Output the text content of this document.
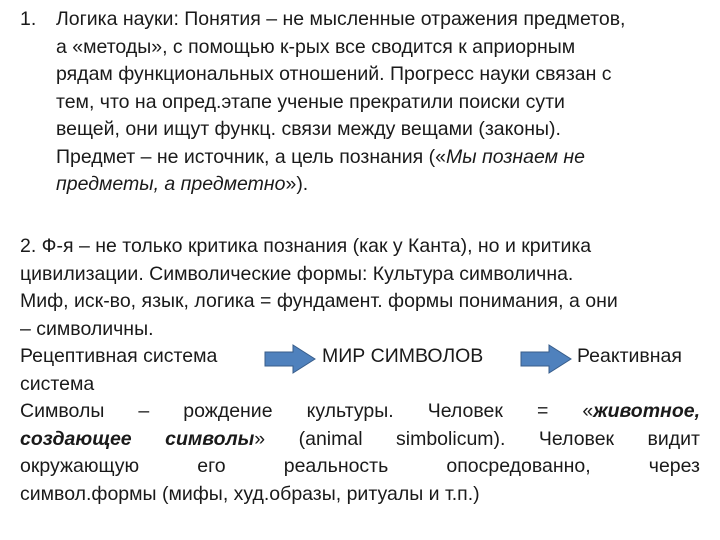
1. Логика науки: Понятия – не мысленные отражения предметов,
а «методы», с помощью к-рых все сводится к априорным
рядам функциональных отношений. Прогресс науки связан с
тем, что на опред.этапе ученые прекратили поиски сути
вещей, они ищут функц. связи между вещами (законы).
Предмет – не источник, а цель познания («Мы познаем не
предметы, а предметно»).
2. Ф-я – не только критика познания (как у Канта), но и критика
цивилизации. Символические формы: Культура символична.
Миф, иск-во, язык, логика = фундамент. формы понимания, а они
– символичны.
Рецептивная система	МИР СИМВОЛОВ	Реактивная
система
Символы – рождение культуры. Человек = «животное,
создающее символы» (animal simbolicum). Человек видит
окружающую его реальность опосредованно, через
символ.формы (мифы, худ.образы, ритуалы и т.п.)
